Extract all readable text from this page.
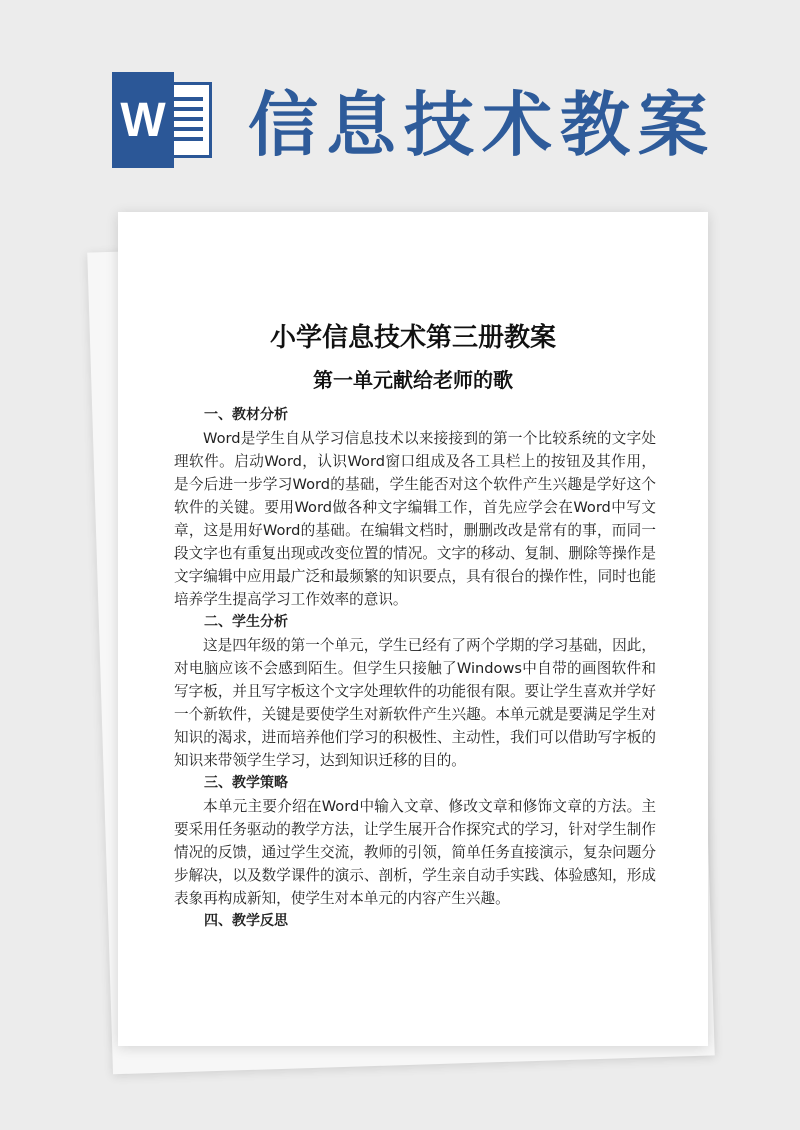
W 信息技术教案
小学信息技术第三册教案
第一单元献给老师的歌
一、教材分析
Word是学生自从学习信息技术以来接接到的第一个比较系统的文字处理软件。启动Word，认识Word窗口组成及各工具栏上的按钮及其作用，是今后进一步学习Word的基础，学生能否对这个软件产生兴趣是学好这个软件的关键。要用Word做各种文字编辑工作，首先应学会在Word中写文章，这是用好Word的基础。在编辑文档时，删删改改是常有的事，而同一段文字也有重复出现或改变位置的情况。文字的移动、复制、删除等操作是文字编辑中应用最广泛和最频繁的知识要点，具有很台的操作性，同时也能培养学生提高学习工作效率的意识。
二、学生分析
这是四年级的第一个单元，学生已经有了两个学期的学习基础，因此，对电脑应该不会感到陌生。但学生只接触了Windows中自带的画图软件和写字板，并且写字板这个文字处理软件的功能很有限。要让学生喜欢并学好一个新软件，关键是要使学生对新软件产生兴趣。本单元就是要满足学生对知识的渴求，进而培养他们学习的积极性、主动性，我们可以借助写字板的知识来带领学生学习，达到知识迁移的目的。
三、教学策略
本单元主要介绍在Word中输入文章、修改文章和修饰文章的方法。主要采用任务驱动的教学方法，让学生展开合作探究式的学习，针对学生制作情况的反馈，通过学生交流，教师的引领，简单任务直接演示，复杂问题分步解决，以及数学课件的演示、剖析，学生亲自动手实践、体验感知，形成表象再构成新知，使学生对本单元的内容产生兴趣。
四、教学反思
